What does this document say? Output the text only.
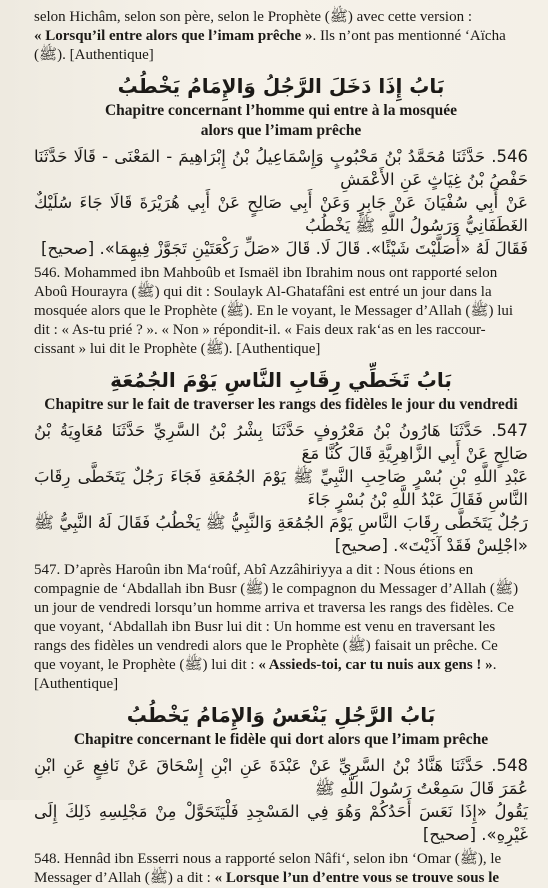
selon Hichâm, selon son père, selon le Prophète (ﷺ) avec cette version :

« Lorsqu’il entre alors que l’imam prêche ». Ils n’ont pas mentionné ‘Aïcha

(ﷺ). [Authentique]

بَابُ إِذَا دَخَلَ الرَّجُلُ وَالإِمَامُ يَخْطُبُ

Chapitre concernant l’homme qui entre à la mosquée
alors que l’imam prêche

546. حَدَّثَنَا مُحَمَّدُ بْنُ مَحْبُوبٍ وَإِسْمَاعِيلُ بْنُ إِبْرَاهِيمَ - المَعْنَى - قَالَا حَدَّثَنَا حَفْصُ بْنُ غِيَاثٍ عَنِ الأَعْمَشِ

عَنْ أَبِي سُفْيَانَ عَنْ جَابِرٍ وَعَنْ أَبِي صَالِحٍ عَنْ أَبِي هُرَيْرَةَ قَالَا جَاءَ سُلَيْكٌ الغَطَفَانِيُّ وَرَسُولُ اللَّهِ ﷺ يَخْطُبُ

فَقَالَ لَهُ «أَصَلَّيْتَ شَيْئًا». قَالَ لَا. قَالَ «صَلِّ رَكْعَتَيْنِ تَجَوَّزْ فِيهِمَا». [صحيح]

546. Mohammed ibn Mahboûb et Ismaël ibn Ibrahim nous ont rapporté selon

Aboû Hourayra (ﷺ) qui dit : Soulayk Al-Ghatafâni est entré un jour dans la

mosquée alors que le Prophète (ﷺ). En le voyant, le Messager d’Allah (ﷺ) lui

dit : « As-tu prié ? ». « Non » répondit-il. « Fais deux rak‘as en les raccour-

cissant » lui dit le Prophète (ﷺ). [Authentique]

بَابُ تَخَطِّي رِقَابِ النَّاسِ يَوْمَ الجُمُعَةِ

Chapitre sur le fait de traverser les rangs des fidèles le jour du vendredi

547. حَدَّثَنَا هَارُونُ بْنُ مَعْرُوفٍ حَدَّثَنَا بِشْرُ بْنُ السَّرِيِّ حَدَّثَنَا مُعَاوِيَةُ بْنُ صَالِحٍ عَنْ أَبِي الزَّاهِرِيَّةِ قَالَ كُنَّا مَعَ

عَبْدِ اللَّهِ بْنِ بُسْرٍ صَاحِبِ النَّبِيِّ ﷺ يَوْمَ الجُمُعَةِ فَجَاءَ رَجُلٌ يَتَخَطَّى رِقَابَ النَّاسِ فَقَالَ عَبْدُ اللَّهِ بْنُ بُسْرٍ جَاءَ

رَجُلٌ يَتَخَطَّى رِقَابَ النَّاسِ يَوْمَ الجُمُعَةِ وَالنَّبِيُّ ﷺ يَخْطُبُ فَقَالَ لَهُ النَّبِيُّ ﷺ «اجْلِسْ فَقَدْ آذَيْتَ». [صحيح]

547. D’après Haroûn ibn Ma‘roûf, Abî Azzâhiriyya a dit : Nous étions en

compagnie de ‘Abdallah ibn Busr (ﷺ) le compagnon du Messager d’Allah (ﷺ)

un jour de vendredi lorsqu’un homme arriva et traversa les rangs des fidèles. Ce

que voyant, ‘Abdallah ibn Busr lui dit : Un homme est venu en traversant les

rangs des fidèles un vendredi alors que le Prophète (ﷺ) faisait un prêche. Ce

que voyant, le Prophète (ﷺ) lui dit : « Assieds-toi, car tu nuis aux gens ! ».

[Authentique]

بَابُ الرَّجُلِ يَنْعَسُ وَالإِمَامُ يَخْطُبُ

Chapitre concernant le fidèle qui dort alors que l’imam prêche

548. حَدَّثَنَا هَنَّادُ بْنُ السَّرِيِّ عَنْ عَبْدَةَ عَنِ ابْنِ إِسْحَاقَ عَنْ نَافِعٍ عَنِ ابْنِ عُمَرَ قَالَ سَمِعْتُ رَسُولَ اللَّهِ ﷺ

يَقُولُ «إِذَا نَعَسَ أَحَدُكُمْ وَهُوَ فِي المَسْجِدِ فَلْيَتَحَوَّلْ مِنْ مَجْلِسِهِ ذَلِكَ إِلَى غَيْرِهِ». [صحيح]

548. Hennâd ibn Esserri nous a rapporté selon Nâfi‘, selon ibn ‘Omar (ﷺ), le

Messager d’Allah (ﷺ) a dit : « Lorsque l’un d’entre vous se trouve sous le
